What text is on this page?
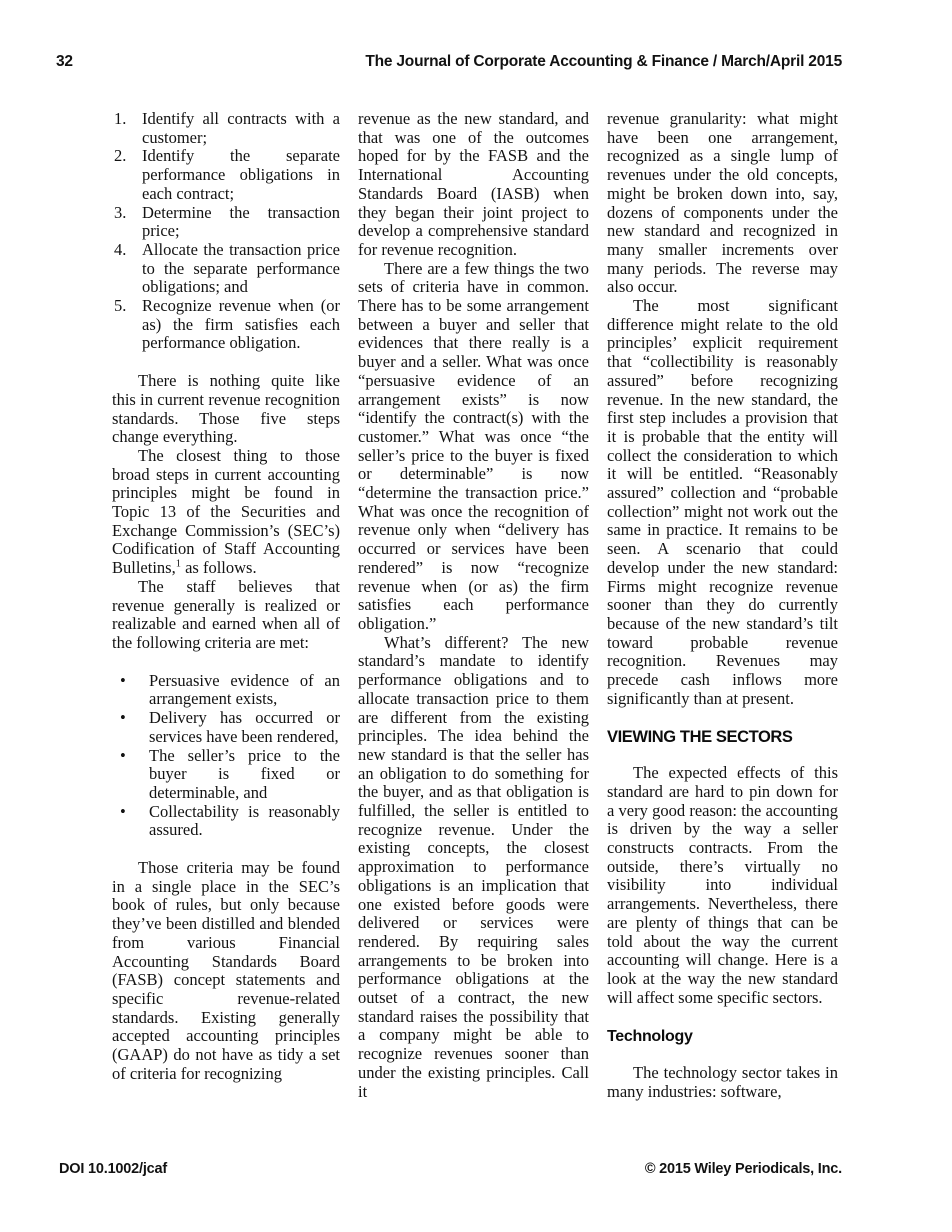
32	The Journal of Corporate Accounting & Finance / March/April 2015
1. Identify all contracts with a customer;
2. Identify the separate performance obligations in each contract;
3. Determine the transaction price;
4. Allocate the transaction price to the separate performance obligations; and
5. Recognize revenue when (or as) the firm satisfies each performance obligation.

There is nothing quite like this in current revenue recognition standards. Those five steps change everything.

The closest thing to those broad steps in current accounting principles might be found in Topic 13 of the Securities and Exchange Commission’s (SEC’s) Codification of Staff Accounting Bulletins,$^1$ as follows.

The staff believes that revenue generally is realized or realizable and earned when all of the following criteria are met:

• Persuasive evidence of an arrangement exists,
• Delivery has occurred or services have been rendered,
• The seller’s price to the buyer is fixed or determinable, and
• Collectability is reasonably assured.

Those criteria may be found in a single place in the SEC’s book of rules, but only because they’ve been distilled and blended from various Financial Accounting Standards Board (FASB) concept statements and specific revenue-related standards. Existing generally accepted accounting principles (GAAP) do not have as tidy a set of criteria for recognizing

revenue as the new standard, and that was one of the outcomes hoped for by the FASB and the International Accounting Standards Board (IASB) when they began their joint project to develop a comprehensive standard for revenue recognition.

There are a few things the two sets of criteria have in common. There has to be some arrangement between a buyer and seller that evidences that there really is a buyer and a seller. What was once “persuasive evidence of an arrangement exists” is now “identify the contract(s) with the customer.” What was once “the seller’s price to the buyer is fixed or determinable” is now “determine the transaction price.” What was once the recognition of revenue only when “delivery has occurred or services have been rendered” is now “recognize revenue when (or as) the firm satisfies each performance obligation.”

What’s different? The new standard’s mandate to identify performance obligations and to allocate transaction price to them are different from the existing principles. The idea behind the new standard is that the seller has an obligation to do something for the buyer, and as that obligation is fulfilled, the seller is entitled to recognize revenue. Under the existing concepts, the closest approximation to performance obligations is an implication that one existed before goods were delivered or services were rendered. By requiring sales arrangements to be broken into performance obligations at the outset of a contract, the new standard raises the possibility that a company might be able to recognize revenues sooner than under the existing principles. Call it

revenue granularity: what might have been one arrangement, recognized as a single lump of revenues under the old concepts, might be broken down into, say, dozens of components under the new standard and recognized in many smaller increments over many periods. The reverse may also occur.

The most significant difference might relate to the old principles’ explicit requirement that “collectibility is reasonably assured” before recognizing revenue. In the new standard, the first step includes a provision that it is probable that the entity will collect the consideration to which it will be entitled. “Reasonably assured” collection and “probable collection” might not work out the same in practice. It remains to be seen. A scenario that could develop under the new standard: Firms might recognize revenue sooner than they do currently because of the new standard’s tilt toward probable revenue recognition. Revenues may precede cash inflows more significantly than at present.

VIEWING THE SECTORS

The expected effects of this standard are hard to pin down for a very good reason: the accounting is driven by the way a seller constructs contracts. From the outside, there’s virtually no visibility into individual arrangements. Nevertheless, there are plenty of things that can be told about the way the current accounting will change. Here is a look at the way the new standard will affect some specific sectors.

Technology

The technology sector takes in many industries: software,

DOI 10.1002/jcaf	© 2015 Wiley Periodicals, Inc.
